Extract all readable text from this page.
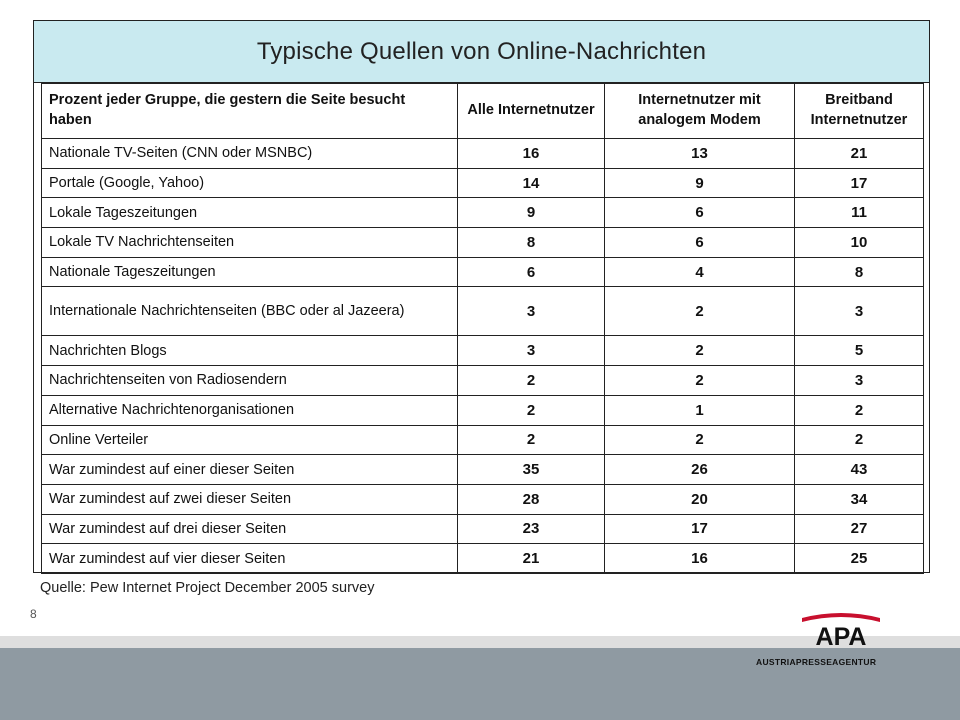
Typische Quellen von Online-Nachrichten
Prozent jeder Gruppe, die gestern die Seite besucht haben	Alle Internetnutzer	Internetnutzer mit analogem Modem	Breitband Internetnutzer
Nationale TV-Seiten (CNN oder MSNBC)	16	13	21
Portale (Google, Yahoo)	14	9	17
Lokale Tageszeitungen	9	6	11
Lokale TV Nachrichtenseiten	8	6	10
Nationale Tageszeitungen	6	4	8
Internationale Nachrichtenseiten (BBC oder al Jazeera)	3	2	3
Nachrichten Blogs	3	2	5
Nachrichtenseiten von Radiosendern	2	2	3
Alternative Nachrichtenorganisationen	2	1	2
Online Verteiler	2	2	2
War zumindest auf einer dieser Seiten	35	26	43
War zumindest auf zwei dieser Seiten	28	20	34
War zumindest auf drei dieser Seiten	23	17	27
War zumindest auf vier dieser Seiten	21	16	25
Quelle: Pew Internet Project December 2005 survey
8
APA
AUSTRIAPRESSEAGENTUR
